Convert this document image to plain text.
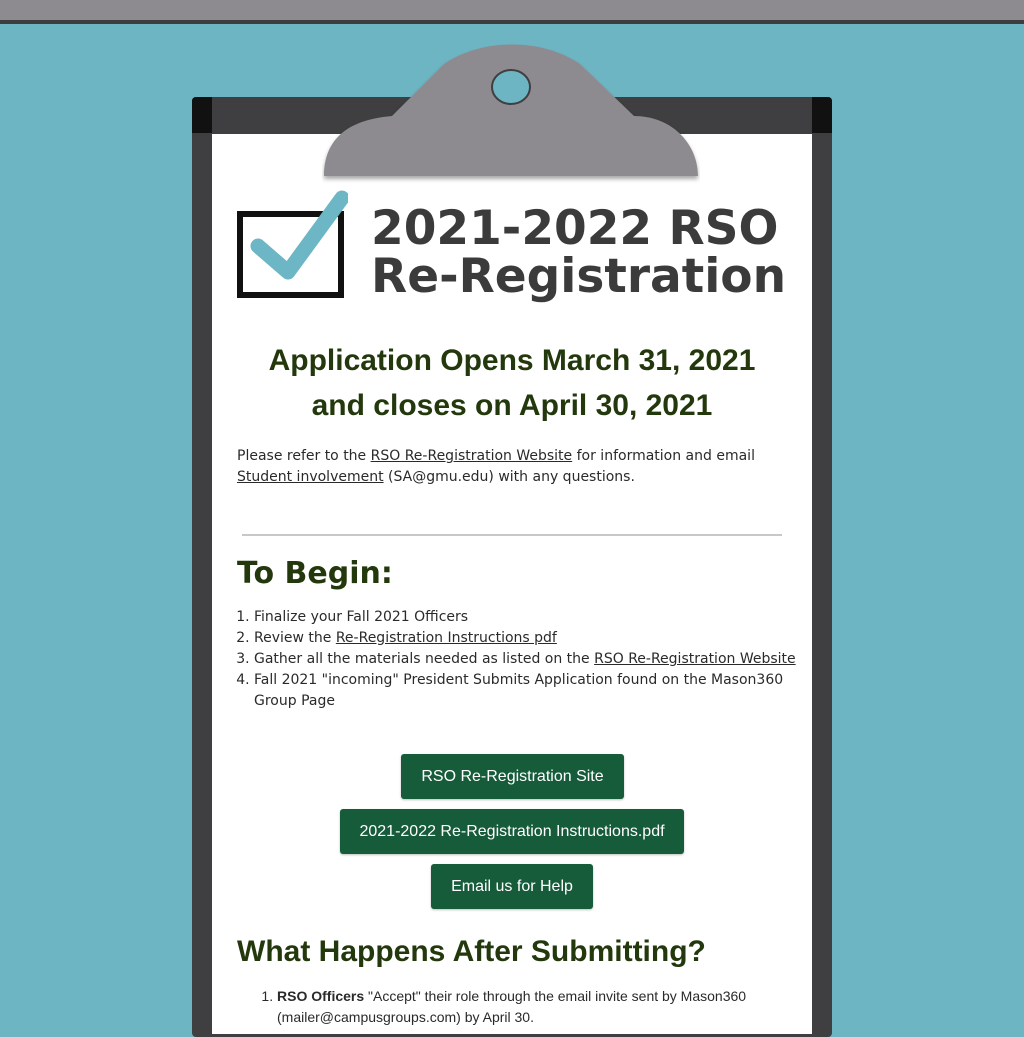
2021-2022 RSO
Re-Registration
Application Opens March 31, 2021
and closes on April 30, 2021

Please refer to the RSO Re-Registration Website for information and email Student involvement (SA@gmu.edu) with any questions.

To Begin:
1. Finalize your Fall 2021 Officers
2. Review the Re-Registration Instructions pdf
3. Gather all the materials needed as listed on the RSO Re-Registration Website
4. Fall 2021 "incoming" President Submits Application found on the Mason360 Group Page
RSO Re-Registration Site
2021-2022 Re-Registration Instructions.pdf
Email us for Help
What Happens After Submitting?
1. RSO Officers "Accept" their role through the email invite sent by Mason360 (mailer@campusgroups.com) by April 30.
